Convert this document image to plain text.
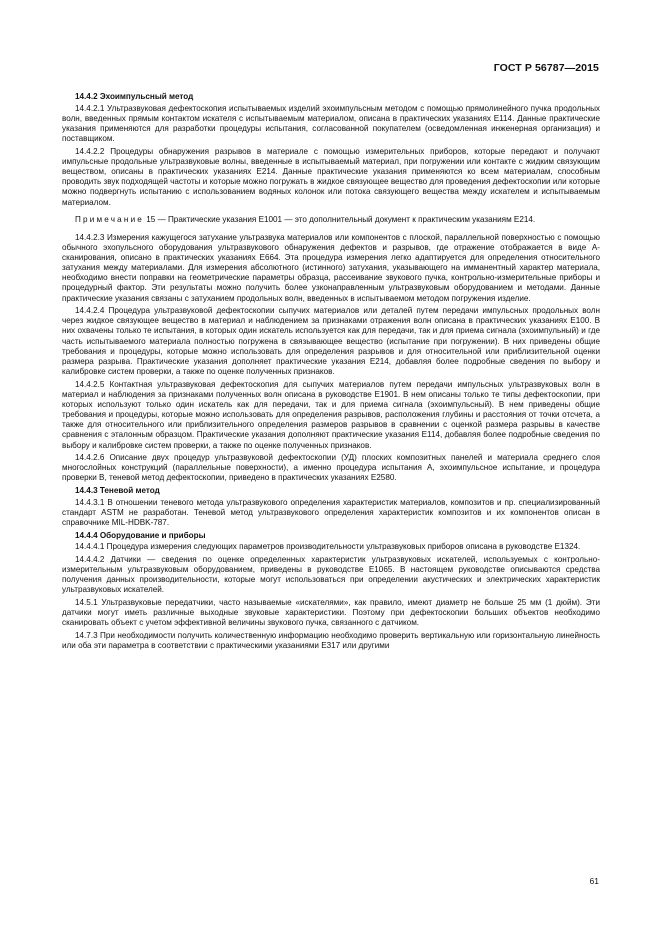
ГОСТ Р 56787—2015

14.4.2 Эхоимпульсный метод

14.4.2.1 Ультразвуковая дефектоскопия испытываемых изделий эхоимпульсным методом с помощью прямолинейного пучка продольных волн, введенных прямым контактом искателя с испытываемым материалом, описана в практических указаниях Е114. Данные практические указания применяются для разработки процедуры испытания, согласованной покупателем (осведомленная инженерная организация) и поставщиком.

14.4.2.2 Процедуры обнаружения разрывов в материале с помощью измерительных приборов, которые передают и получают импульсные продольные ультразвуковые волны, введенные в испытываемый материал, при погружении или контакте с жидким связующим веществом, описаны в практических указаниях Е214. Данные практические указания применяются ко всем материалам, способным проводить звук подходящей частоты и которые можно погружать в жидкое связующее вещество для проведения дефектоскопии или которые можно подвергнуть испытанию с использованием водяных колонок или потока связующего вещества между искателем и испытываемым материалом.

Примечание 15 — Практические указания Е1001 — это дополнительный документ к практическим указаниям Е214.

14.4.2.3 Измерения кажущегося затухание ультразвука материалов или компонентов с плоской, параллельной поверхностью с помощью обычного эхопульсного оборудования ультразвукового обнаружения дефектов и разрывов, где отражение отображается в виде А-сканирования, описано в практических указаниях Е664. Эта процедура измерения легко адаптируется для определения относительного затухания между материалами. Для измерения абсолютного (истинного) затухания, указывающего на имманентный характер материала, необходимо внести поправки на геометрические параметры образца, рассеивание звукового пучка, контрольно-измерительные приборы и процедурный фактор. Эти результаты можно получить более узконаправленным ультразвуковым оборудованием и методами. Данные практические указания связаны с затуханием продольных волн, введенных в испытываемом методом погружения изделие.

14.4.2.4 Процедура ультразвуковой дефектоскопии сыпучих материалов или деталей путем передачи импульсных продольных волн через жидкое связующее вещество в материал и наблюдением за признаками отражения волн описана в практических указаниях Е100. В них охвачены только те испытания, в которых один искатель используется как для передачи, так и для приема сигнала (эхоимпульный) и где часть испытываемого материала полностью погружена в связывающее вещество (испытание при погружении). В них приведены общие требования и процедуры, которые можно использовать для определения разрывов и для относительной или приблизительной оценки размера разрыва. Практические указания дополняет практические указания Е214, добавляя более подробные сведения по выбору и калибровке систем проверки, а также по оценке полученных признаков.

14.4.2.5 Контактная ультразвуковая дефектоскопия для сыпучих материалов путем передачи импульсных ультразвуковых волн в материал и наблюдения за признаками полученных волн описана в руководстве Е1901. В нем описаны только те типы дефектоскопии, при которых используют только один искатель как для передачи, так и для приема сигнала (эхоимпульсный). В нем приведены общие требования и процедуры, которые можно использовать для определения разрывов, расположения глубины и расстояния от точки отсчета, а также для относительного или приблизительного определения размеров разрывов в сравнении с оценкой размера разрывы в качестве сравнения с эталонным образцом. Практические указания дополняют практические указания Е114, добавляя более подробные сведения по выбору и калибровке систем проверки, а также по оценке полученных признаков.

14.4.2.6 Описание двух процедур ультразвуковой дефектоскопии (УД) плоских композитных панелей и материала среднего слоя многослойных конструкций (параллельные поверхности), а именно процедура испытания А, эхоимпульсное испытание, и процедура проверки В, теневой метод дефектоскопии, приведено в практических указаниях Е2580.

14.4.3 Теневой метод

14.4.3.1 В отношении теневого метода ультразвукового определения характеристик материалов, композитов и пр. специализированный стандарт ASTM не разработан. Теневой метод ультразвукового определения характеристик композитов и их компонентов описан в справочнике MIL-HDBK-787.

14.4.4 Оборудование и приборы

14.4.4.1 Процедура измерения следующих параметров производительности ультразвуковых приборов описана в руководстве Е1324.

14.4.4.2 Датчики — сведения по оценке определенных характеристик ультразвуковых искателей, используемых с контрольно-измерительным ультразвуковым оборудованием, приведены в руководстве Е1065. В настоящем руководстве описываются средства получения данных производительности, которые могут использоваться при определении акустических и электрических характеристик ультразвуковых искателей.

14.5.1 Ультразвуковые передатчики, часто называемые «искателями», как правило, имеют диаметр не больше 25 мм (1 дюйм). Эти датчики могут иметь различные выходные звуковые характеристики. Поэтому при дефектоскопии больших объектов необходимо сканировать объект с учетом эффективной величины звукового пучка, связанного с датчиком.

14.7.3 При необходимости получить количественную информацию необходимо проверить вертикальную или горизонтальную линейность или оба эти параметра в соответствии с практическими указаниями Е317 или другими

61
